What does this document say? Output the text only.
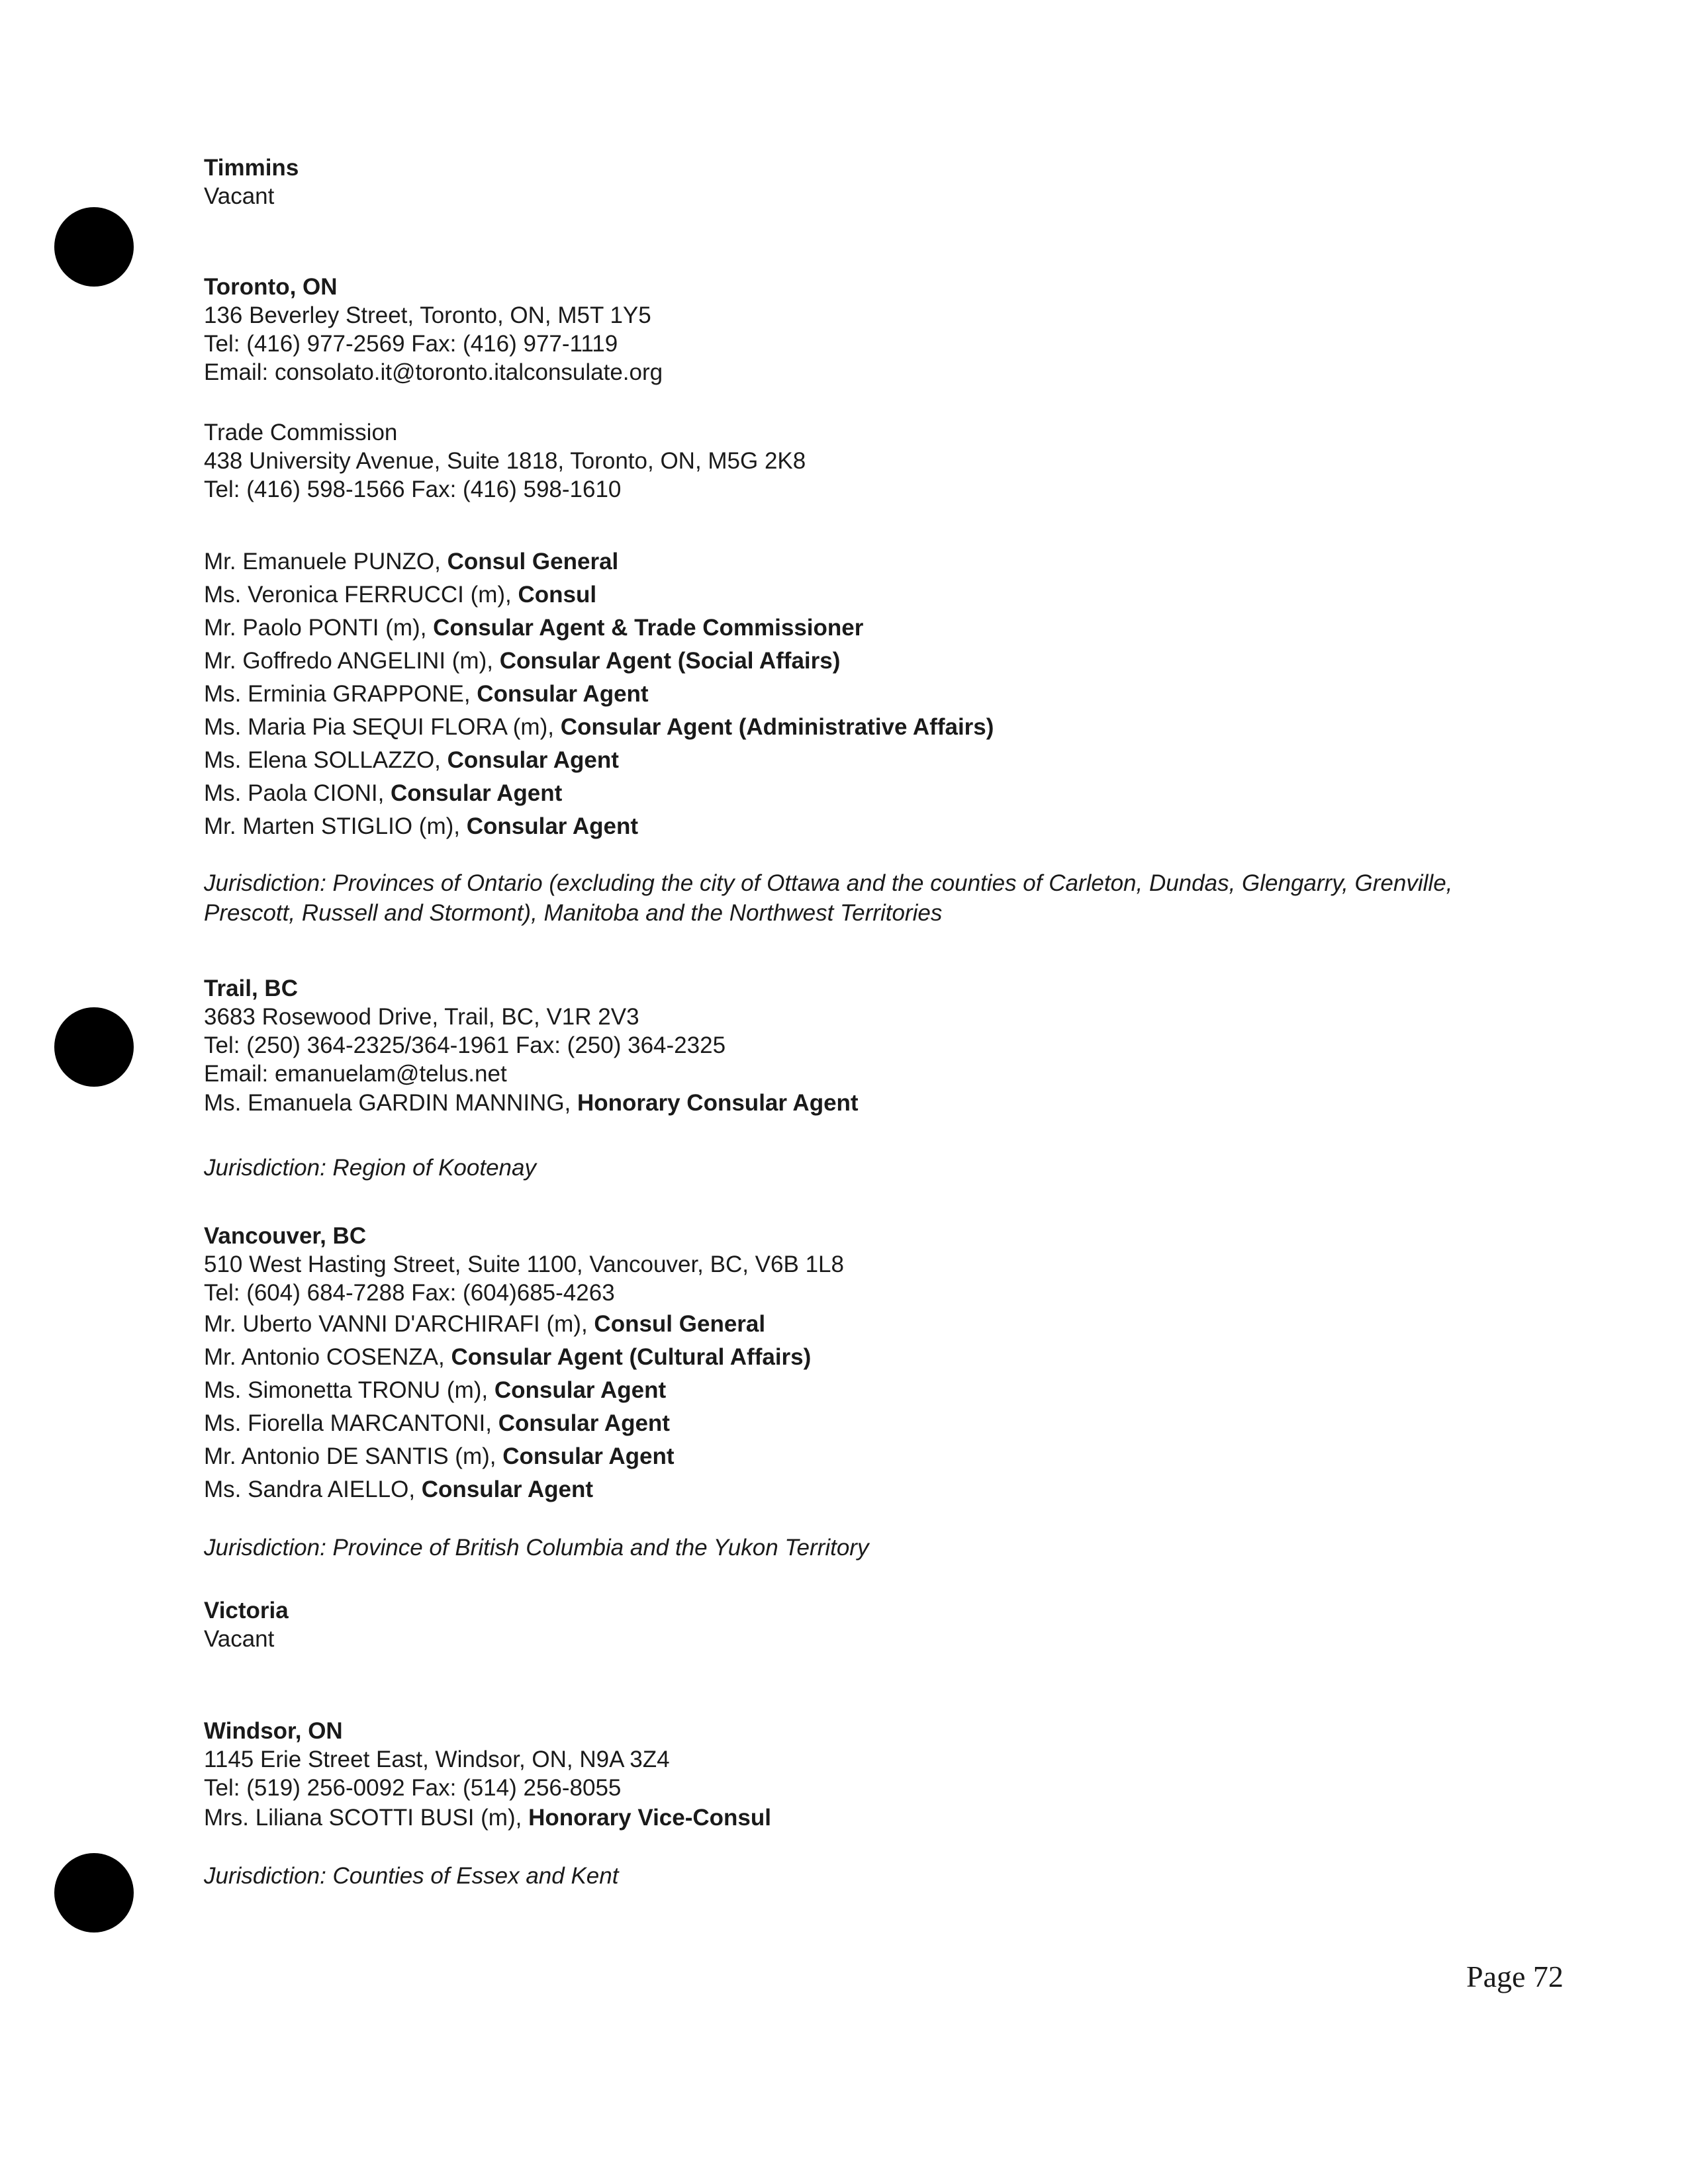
Timmins
Vacant
Toronto, ON
136 Beverley Street, Toronto, ON, M5T 1Y5
Tel: (416) 977-2569 Fax: (416) 977-1119
Email: consolato.it@toronto.italconsulate.org
Trade Commission
438 University Avenue, Suite 1818, Toronto, ON, M5G 2K8
Tel: (416) 598-1566 Fax: (416) 598-1610
Mr. Emanuele PUNZO, Consul General
Ms. Veronica FERRUCCI (m), Consul
Mr. Paolo PONTI (m), Consular Agent & Trade Commissioner
Mr. Goffredo ANGELINI (m), Consular Agent (Social Affairs)
Ms. Erminia GRAPPONE, Consular Agent
Ms. Maria Pia SEQUI FLORA (m), Consular Agent (Administrative Affairs)
Ms. Elena SOLLAZZO, Consular Agent
Ms. Paola CIONI, Consular Agent
Mr. Marten STIGLIO (m), Consular Agent
Jurisdiction: Provinces of Ontario (excluding the city of Ottawa and the counties of Carleton, Dundas, Glengarry, Grenville, Prescott, Russell and Stormont), Manitoba and the Northwest Territories
Trail, BC
3683 Rosewood Drive, Trail, BC, V1R 2V3
Tel: (250) 364-2325/364-1961 Fax: (250) 364-2325
Email: emanuelam@telus.net
Ms. Emanuela GARDIN MANNING, Honorary Consular Agent
Jurisdiction: Region of Kootenay
Vancouver, BC
510 West Hasting Street, Suite 1100, Vancouver, BC, V6B 1L8
Tel: (604) 684-7288 Fax: (604)685-4263
Mr. Uberto VANNI D'ARCHIRAFI (m), Consul General
Mr. Antonio COSENZA, Consular Agent (Cultural Affairs)
Ms. Simonetta TRONU (m), Consular Agent
Ms. Fiorella MARCANTONI, Consular Agent
Mr. Antonio DE SANTIS (m), Consular Agent
Ms. Sandra AIELLO, Consular Agent
Jurisdiction: Province of British Columbia and the Yukon Territory
Victoria
Vacant
Windsor, ON
1145 Erie Street East, Windsor, ON, N9A 3Z4
Tel: (519) 256-0092 Fax: (514) 256-8055
Mrs. Liliana SCOTTI BUSI (m), Honorary Vice-Consul
Jurisdiction: Counties of Essex and Kent
Page 72
